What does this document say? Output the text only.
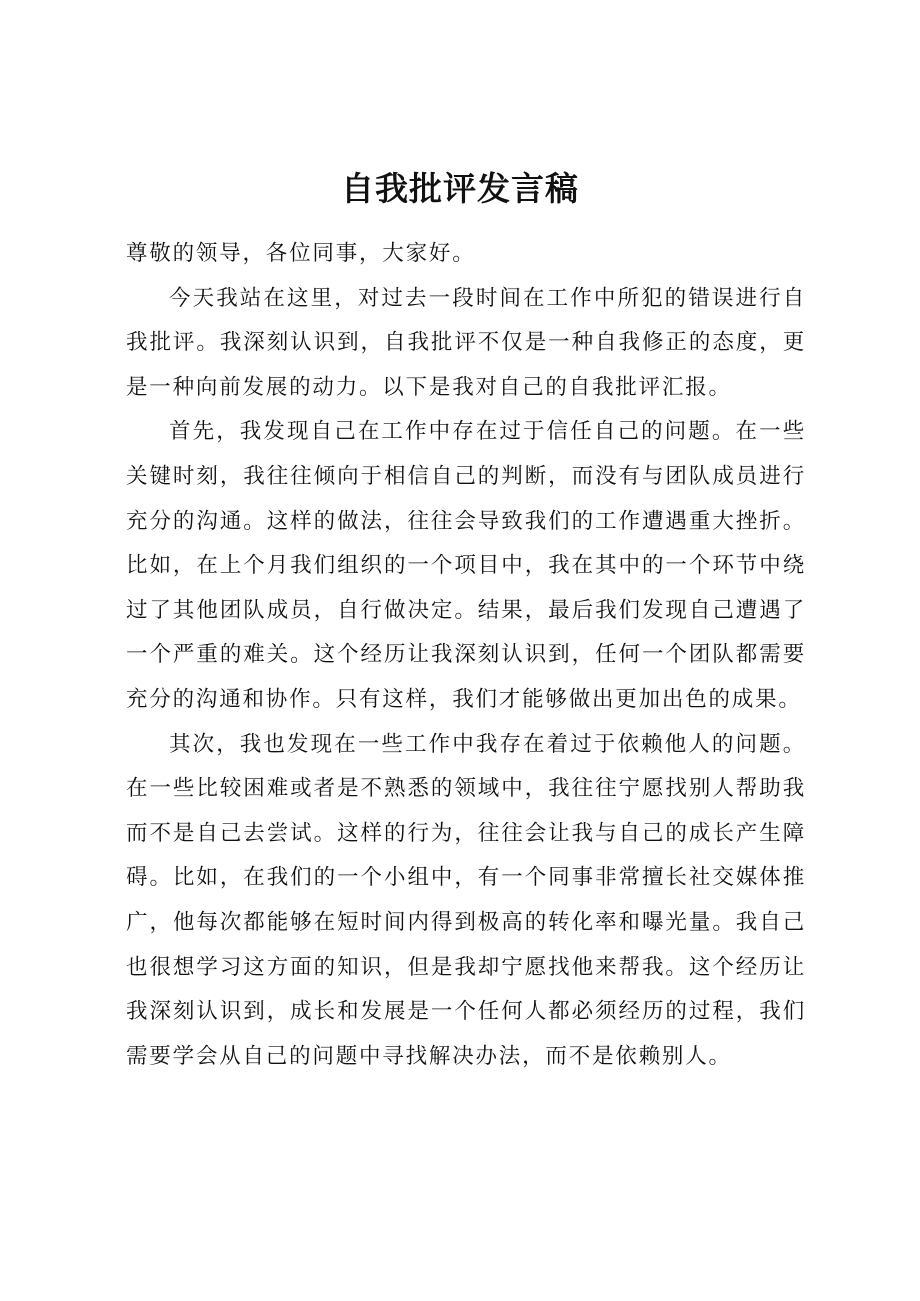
自我批评发言稿

尊敬的领导，各位同事，大家好。

今天我站在这里，对过去一段时间在工作中所犯的错误进行自我批评。我深刻认识到，自我批评不仅是一种自我修正的态度，更是一种向前发展的动力。以下是我对自己的自我批评汇报。

首先，我发现自己在工作中存在过于信任自己的问题。在一些关键时刻，我往往倾向于相信自己的判断，而没有与团队成员进行充分的沟通。这样的做法，往往会导致我们的工作遭遇重大挫折。比如，在上个月我们组织的一个项目中，我在其中的一个环节中绕过了其他团队成员，自行做决定。结果，最后我们发现自己遭遇了一个严重的难关。这个经历让我深刻认识到，任何一个团队都需要充分的沟通和协作。只有这样，我们才能够做出更加出色的成果。

其次，我也发现在一些工作中我存在着过于依赖他人的问题。在一些比较困难或者是不熟悉的领域中，我往往宁愿找别人帮助我而不是自己去尝试。这样的行为，往往会让我与自己的成长产生障碍。比如，在我们的一个小组中，有一个同事非常擅长社交媒体推广，他每次都能够在短时间内得到极高的转化率和曝光量。我自己也很想学习这方面的知识，但是我却宁愿找他来帮我。这个经历让我深刻认识到，成长和发展是一个任何人都必须经历的过程，我们需要学会从自己的问题中寻找解决办法，而不是依赖别人。
